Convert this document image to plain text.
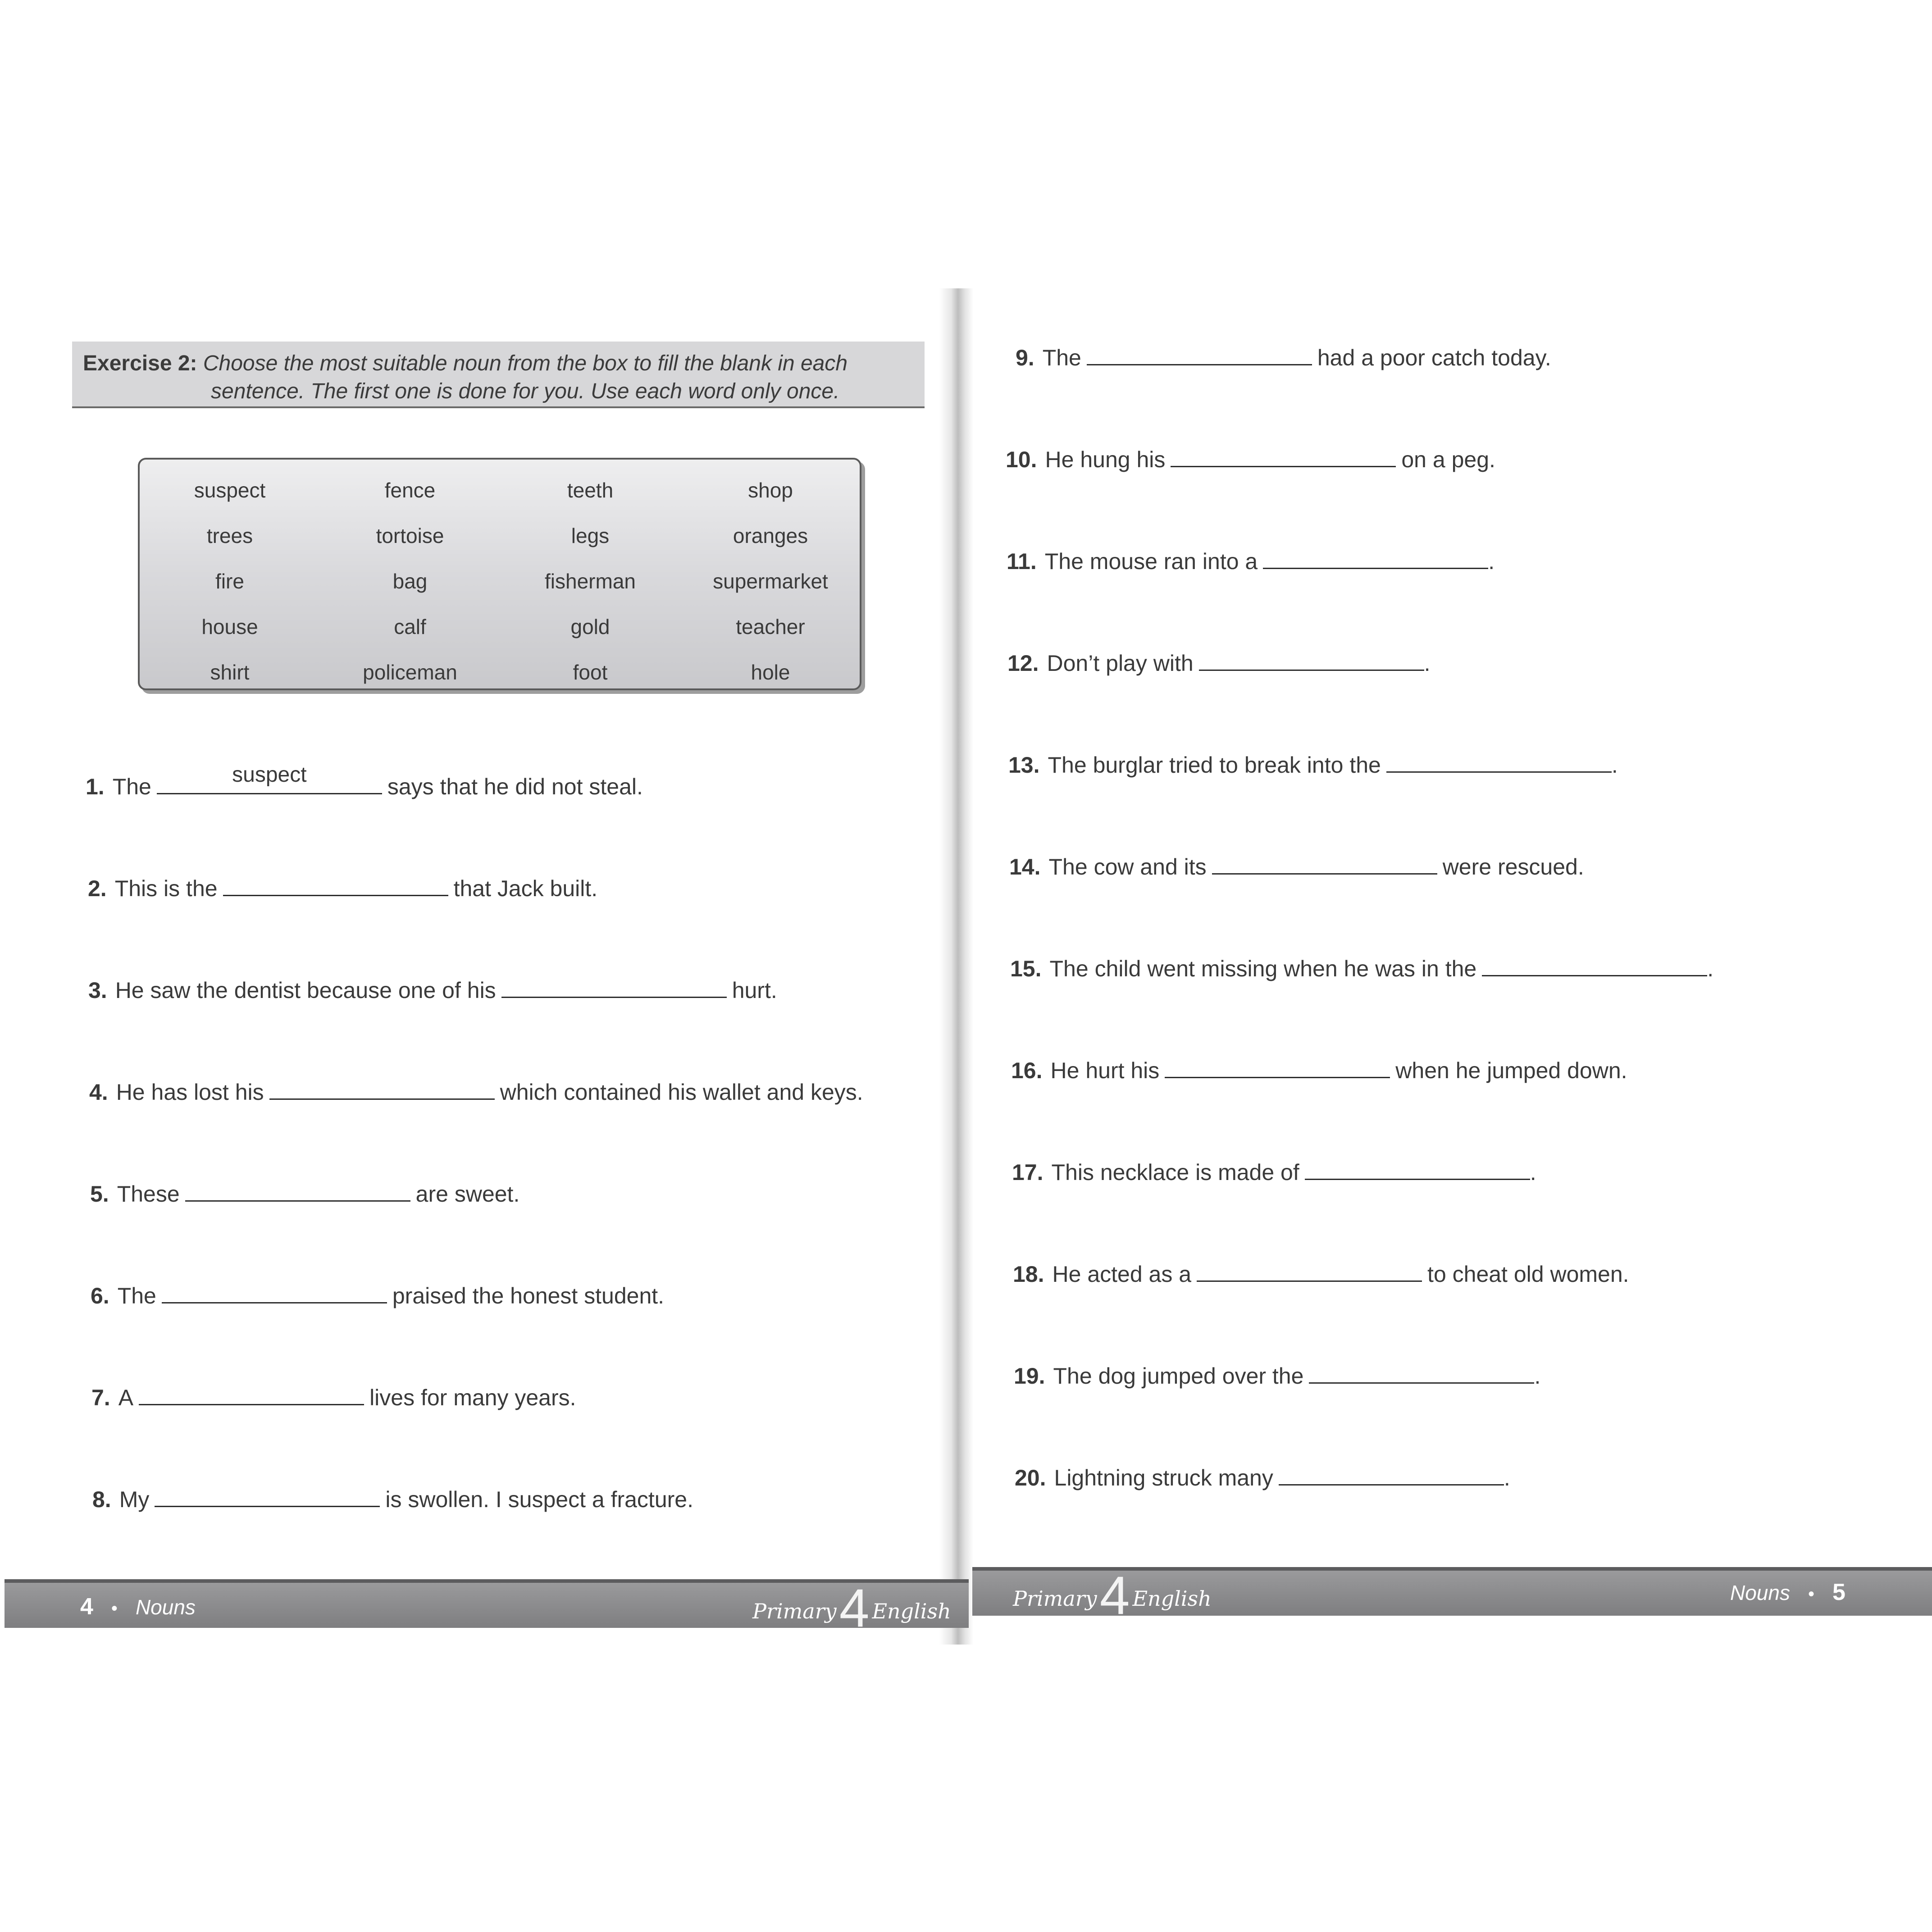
Exercise 2: Choose the most suitable noun from the box to fill the blank in each
sentence. The first one is done for you. Use each word only once.
suspect	fence	teeth	shop
trees	tortoise	legs	oranges
fire	bag	fisherman	supermarket
house	calf	gold	teacher
shirt	policeman	foot	hole
1. The	suspect	says that he did not steal.
2. This is the	that Jack built.
3. He saw the dentist because one of his	hurt.
4. He has lost his	which contained his wallet and keys.
5. These	are sweet.
6. The	praised the honest student.
7. A	lives for many years.
8. My	is swollen. I suspect a fracture.
9. The	had a poor catch today.
10. He hung his	on a peg.
11. The mouse ran into a	.
12. Don’t play with	.
13. The burglar tried to break into the	.
14. The cow and its	were rescued.
15. The child went missing when he was in the	.
16. He hurt his	when he jumped down.
17. This necklace is made of	.
18. He acted as a	to cheat old women.
19. The dog jumped over the	.
20. Lightning struck many	.
4 • Nouns	Primary4 English
Primary4 English	Nouns • 5
